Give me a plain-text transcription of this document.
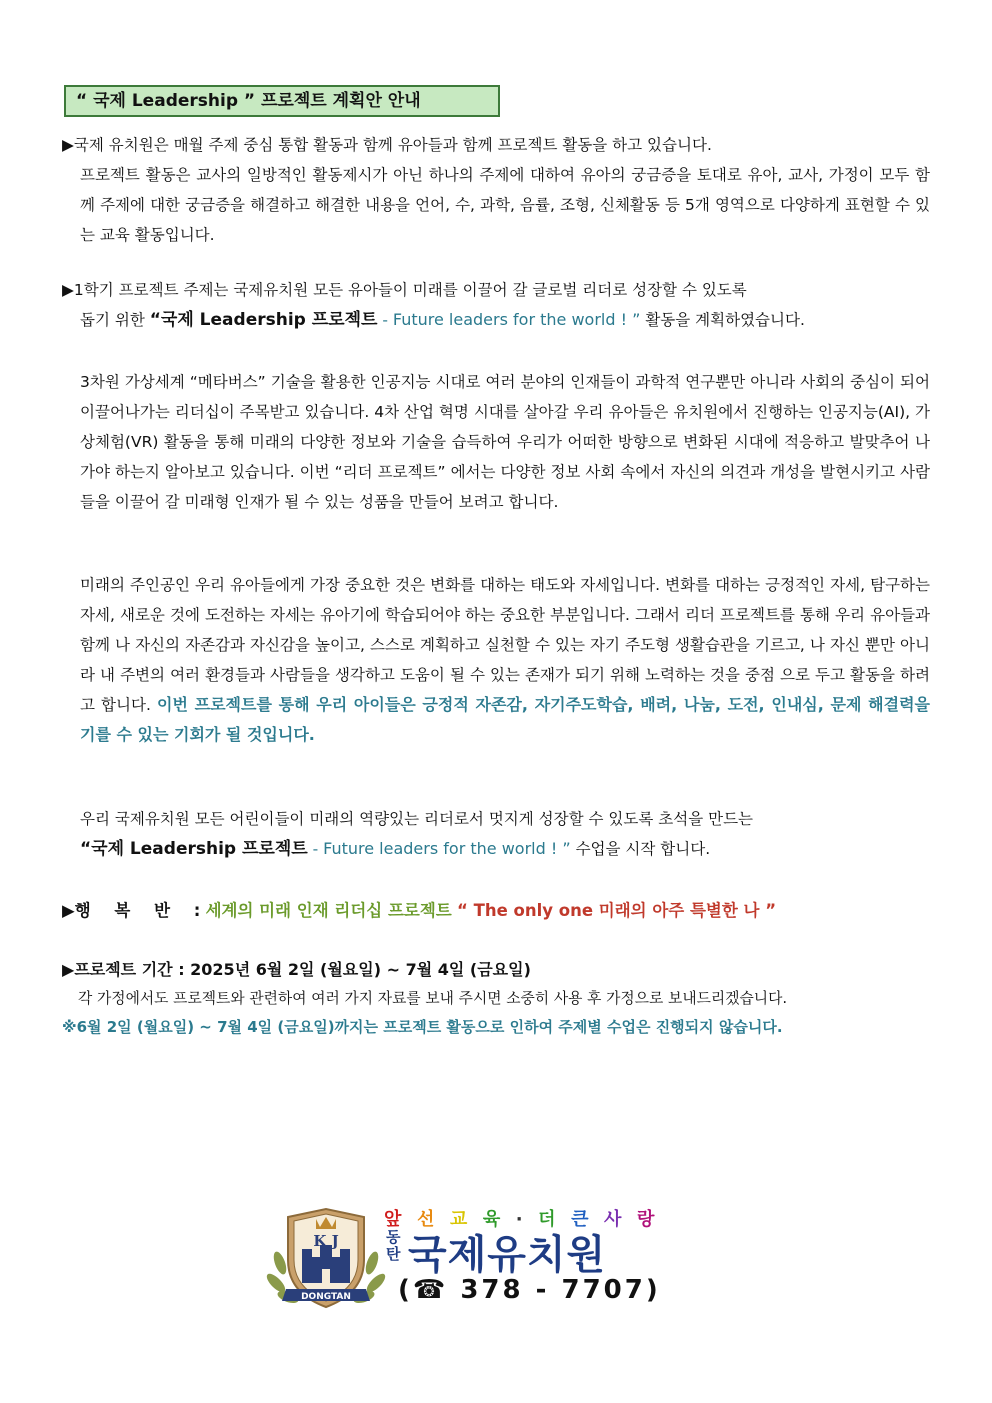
“ 국제 Leadership ” 프로젝트 계획안 안내
▶국제 유치원은 매월 주제 중심 통합 활동과 함께 유아들과 함께 프로젝트 활동을 하고 있습니다.
프로젝트 활동은 교사의 일방적인 활동제시가 아닌 하나의 주제에 대하여 유아의 궁금증을 토대로 유아, 교사, 가정이 모두 함께 주제에 대한 궁금증을 해결하고 해결한 내용을 언어, 수, 과학, 음률, 조형, 신체활동 등 5개 영역으로 다양하게 표현할 수 있는 교육 활동입니다.
▶1학기 프로젝트 주제는 국제유치원 모든 유아들이 미래를 이끌어 갈 글로벌 리더로 성장할 수 있도록
돕기 위한 “국제 Leadership 프로젝트 - Future leaders for the world ! ” 활동을 계획하였습니다.
3차원 가상세계 “메타버스” 기술을 활용한 인공지능 시대로 여러 분야의 인재들이 과학적 연구뿐만 아니라 사회의 중심이 되어 이끌어나가는 리더십이 주목받고 있습니다. 4차 산업 혁명 시대를 살아갈 우리 유아들은 유치원에서 진행하는 인공지능(AI), 가상체험(VR) 활동을 통해 미래의 다양한 정보와 기술을 습득하여 우리가 어떠한 방향으로 변화된 시대에 적응하고 발맞추어 나가야 하는지 알아보고 있습니다. 이번 “리더 프로젝트” 에서는 다양한 정보 사회 속에서 자신의 의견과 개성을 발현시키고 사람들을 이끌어 갈 미래형 인재가 될 수 있는 성품을 만들어 보려고 합니다.
미래의 주인공인 우리 유아들에게 가장 중요한 것은 변화를 대하는 태도와 자세입니다. 변화를 대하는 긍정적인 자세, 탐구하는 자세, 새로운 것에 도전하는 자세는 유아기에 학습되어야 하는 중요한 부분입니다. 그래서 리더 프로젝트를 통해 우리 유아들과 함께 나 자신의 자존감과 자신감을 높이고, 스스로 계획하고 실천할 수 있는 자기 주도형 생활습관을 기르고, 나 자신 뿐만 아니라 내 주변의 여러 환경들과 사람들을 생각하고 도움이 될 수 있는 존재가 되기 위해 노력하는 것을 중점 으로 두고 활동을 하려고 합니다. 이번 프로젝트를 통해 우리 아이들은 긍정적 자존감, 자기주도학습, 배려, 나눔, 도전, 인내심, 문제 해결력을 기를 수 있는 기회가 될 것입니다.
우리 국제유치원 모든 어린이들이 미래의 역량있는 리더로서 멋지게 성장할 수 있도록 초석을 만드는
“국제 Leadership 프로젝트 - Future leaders for the world ! ” 수업을 시작 합니다.
▶행 복 반 : 세계의 미래 인재 리더십 프로젝트 “ The only one 미래의 아주 특별한 나 ”
▶프로젝트 기간 : 2025년 6월 2일 (월요일) ~ 7월 4일 (금요일)
각 가정에서도 프로젝트와 관련하여 여러 가지 자료를 보내 주시면 소중히 사용 후 가정으로 보내드리겠습니다.
※6월 2일 (월요일) ~ 7월 4일 (금요일)까지는 프로젝트 활동으로 인하여 주제별 수업은 진행되지 않습니다.
K J
DONGTAN
앞 선 교 육 · 더 큰 사 랑
동
탄 국제유치원
(☎ 378 - 7707)
